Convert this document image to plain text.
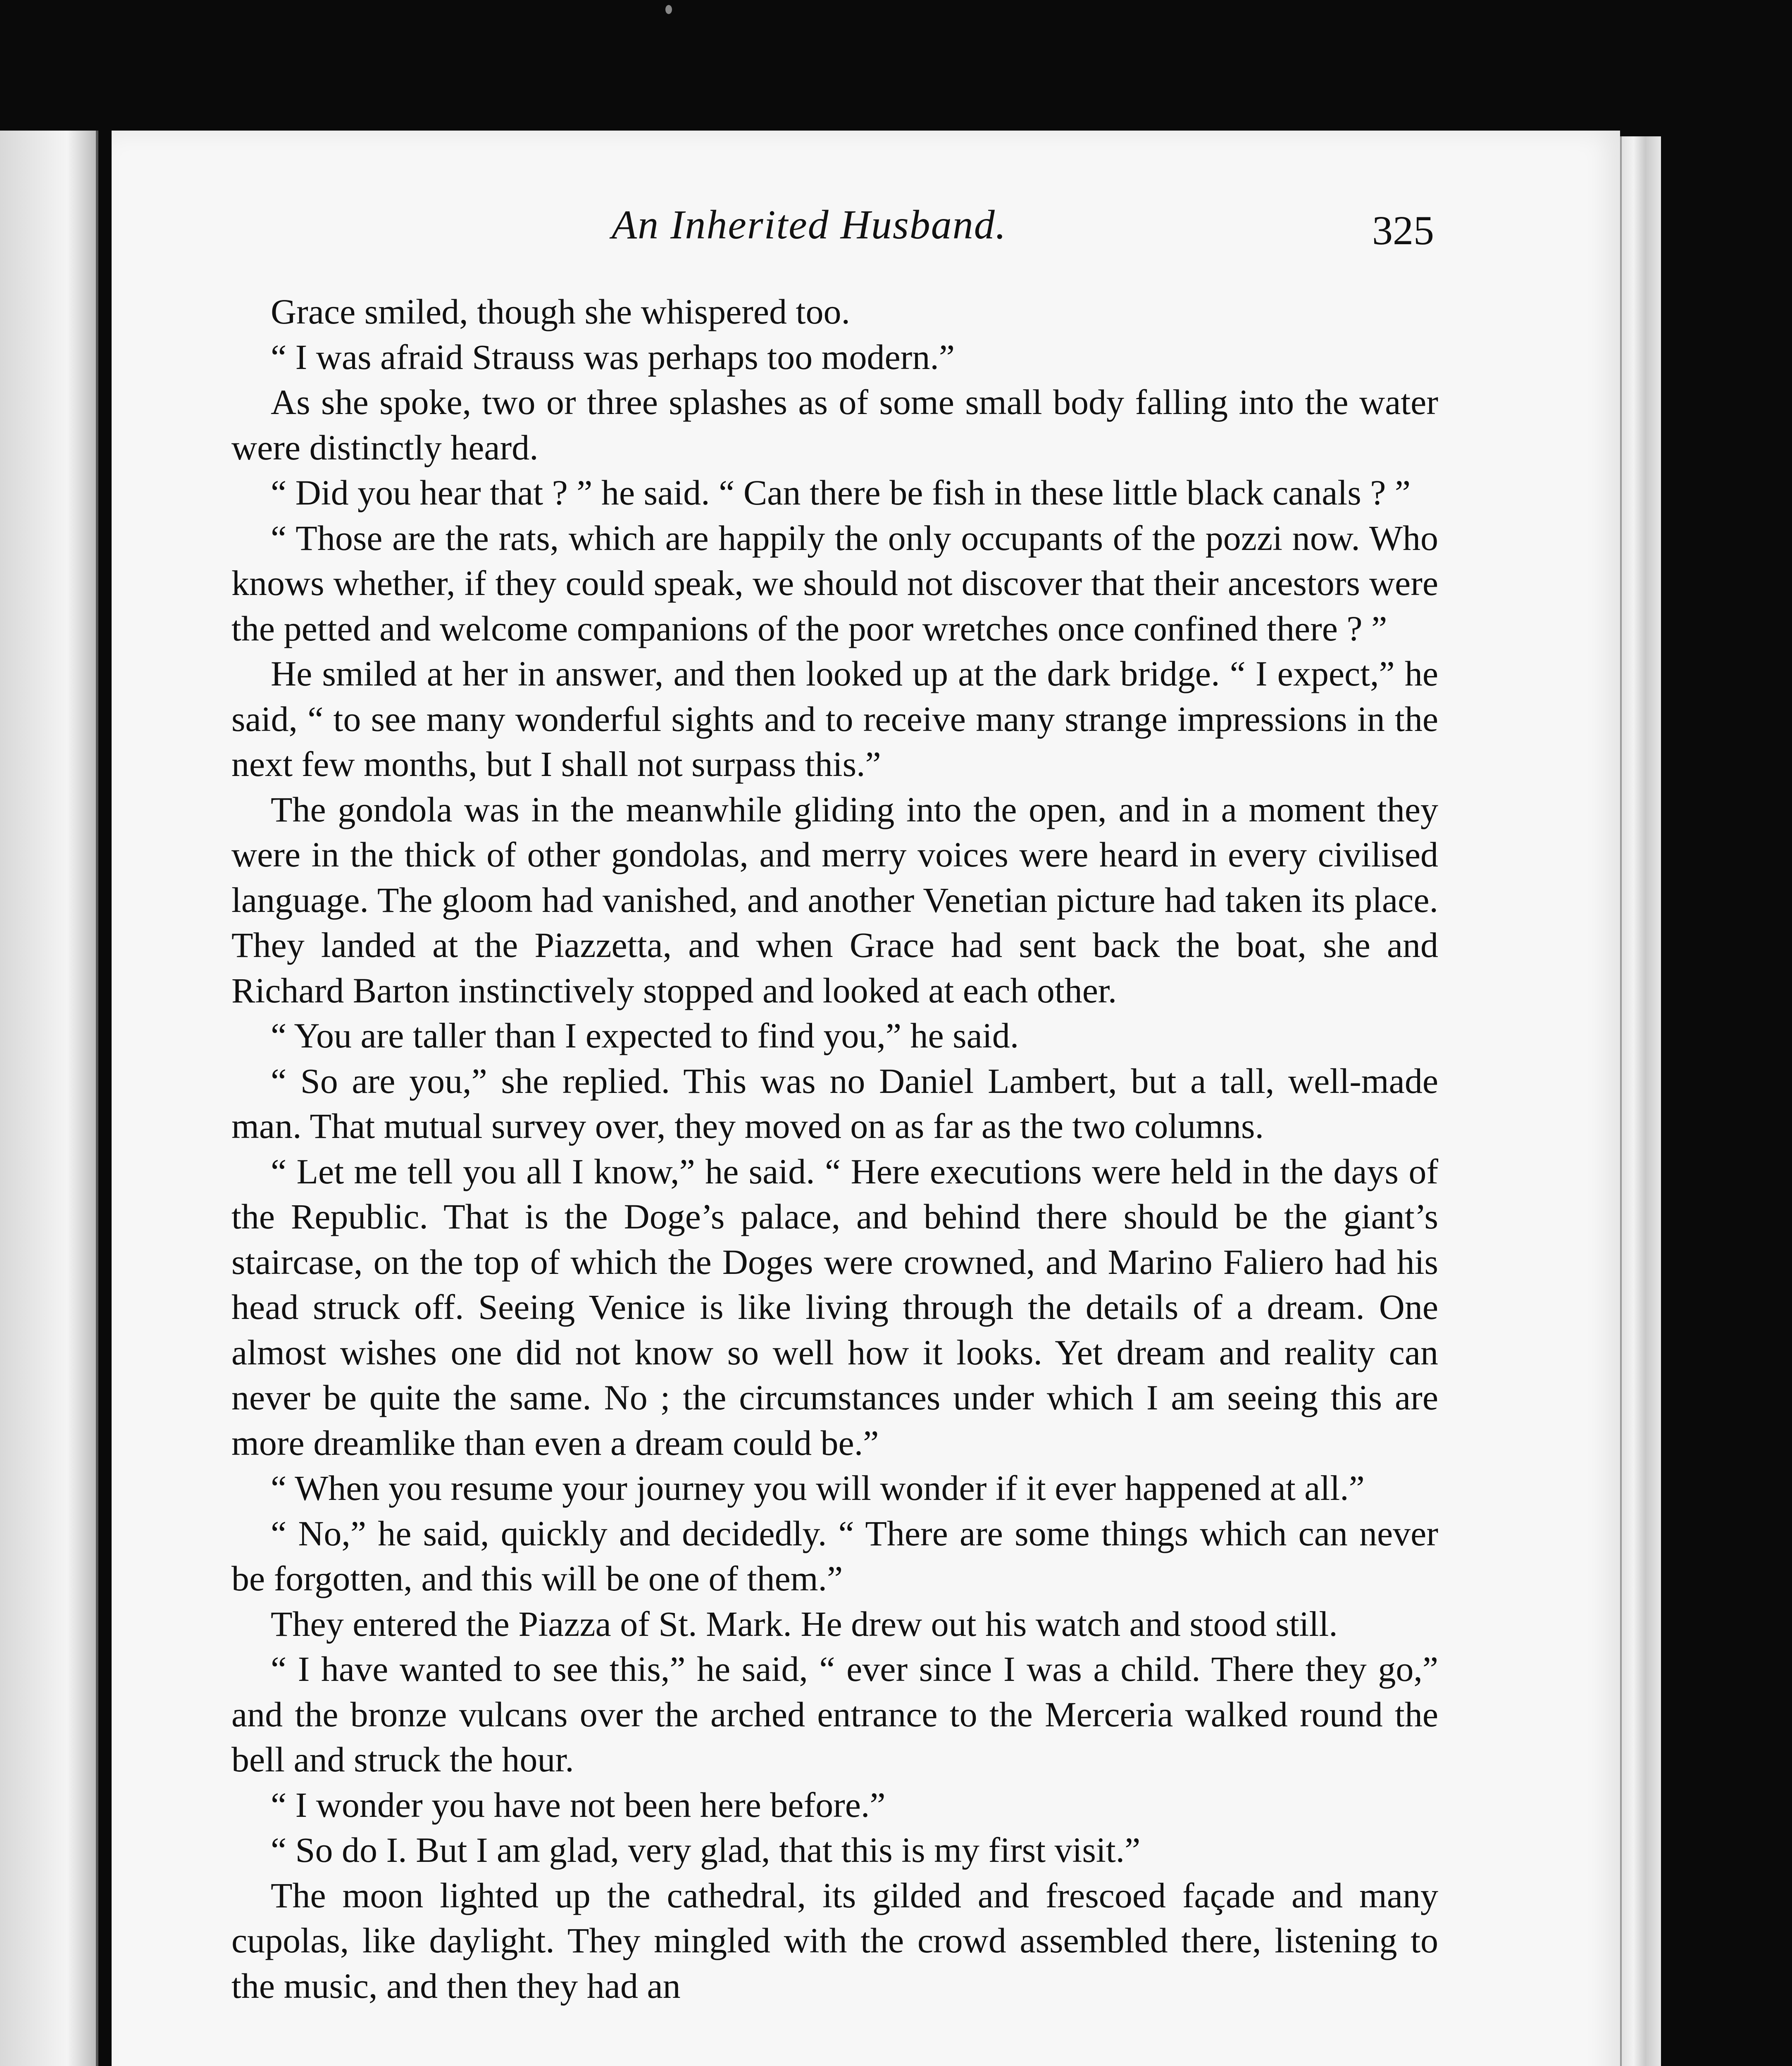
An Inherited Husband.	325

Grace smiled, though she whispered too.

“ I was afraid Strauss was perhaps too modern.”

As she spoke, two or three splashes as of some small body falling into the water were distinctly heard.

“ Did you hear that ? ” he said. “ Can there be fish in these little black canals ? ”

“ Those are the rats, which are happily the only occupants of the pozzi now. Who knows whether, if they could speak, we should not discover that their ancestors were the petted and welcome companions of the poor wretches once confined there ? ”

He smiled at her in answer, and then looked up at the dark bridge. “ I expect,” he said, “ to see many wonderful sights and to receive many strange impressions in the next few months, but I shall not surpass this.”

The gondola was in the meanwhile gliding into the open, and in a moment they were in the thick of other gondolas, and merry voices were heard in every civilised language. The gloom had vanished, and another Venetian picture had taken its place. They landed at the Piazzetta, and when Grace had sent back the boat, she and Richard Barton instinctively stopped and looked at each other.

“ You are taller than I expected to find you,” he said.

“ So are you,” she replied. This was no Daniel Lambert, but a tall, well-made man. That mutual survey over, they moved on as far as the two columns.

“ Let me tell you all I know,” he said. “ Here executions were held in the days of the Republic. That is the Doge’s palace, and behind there should be the giant’s staircase, on the top of which the Doges were crowned, and Marino Faliero had his head struck off. Seeing Venice is like living through the details of a dream. One almost wishes one did not know so well how it looks. Yet dream and reality can never be quite the same. No ; the circumstances under which I am seeing this are more dreamlike than even a dream could be.”

“ When you resume your journey you will wonder if it ever happened at all.”

“ No,” he said, quickly and decidedly. “ There are some things which can never be forgotten, and this will be one of them.”

They entered the Piazza of St. Mark. He drew out his watch and stood still.

“ I have wanted to see this,” he said, “ ever since I was a child. There they go,” and the bronze vulcans over the arched entrance to the Merceria walked round the bell and struck the hour.

“ I wonder you have not been here before.”

“ So do I. But I am glad, very glad, that this is my first visit.”

The moon lighted up the cathedral, its gilded and frescoed façade and many cupolas, like daylight. They mingled with the crowd assembled there, listening to the music, and then they had an
